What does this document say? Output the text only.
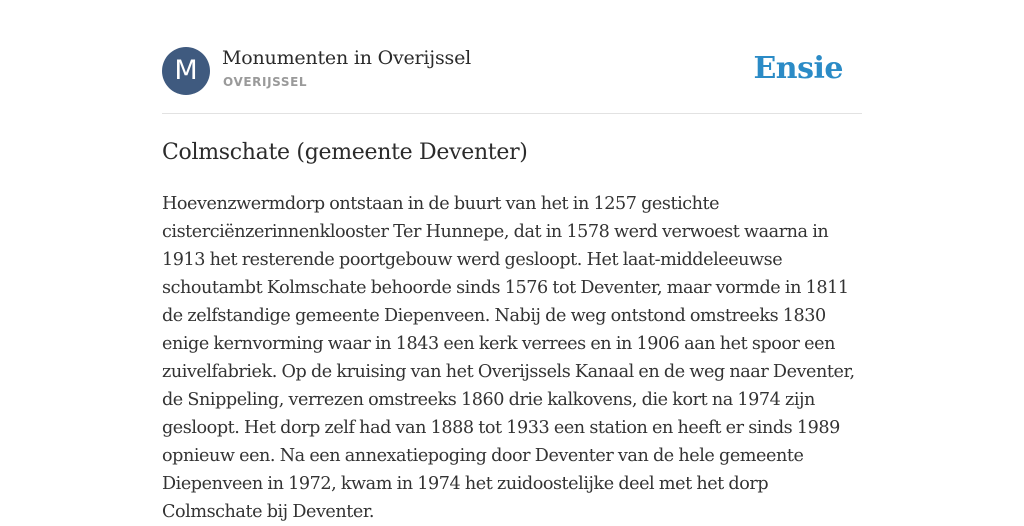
M	Monumenten in Overijssel
OVERIJSSEL	Ensie
Colmschate (gemeente Deventer)

Hoevenzwermdorp ontstaan in de buurt van het in 1257 gestichte cisterciënzerinnenklooster Ter Hunnepe, dat in 1578 werd verwoest waarna in 1913 het resterende poortgebouw werd gesloopt. Het laat-middeleeuwse schoutambt Kolmschate behoorde sinds 1576 tot Deventer, maar vormde in 1811 de zelfstandige gemeente Diepenveen. Nabij de weg ontstond omstreeks 1830 enige kernvorming waar in 1843 een kerk verrees en in 1906 aan het spoor een zuivelfabriek. Op de kruising van het Overijssels Kanaal en de weg naar Deventer, de Snippeling, verrezen omstreeks 1860 drie kalkovens, die kort na 1974 zijn gesloopt. Het dorp zelf had van 1888 tot 1933 een station en heeft er sinds 1989 opnieuw een. Na een annexatiepoging door Deventer van de hele gemeente Diepenveen in 1972, kwam in 1974 het zuidoostelijke deel met het dorp Colmschate bij Deventer.
